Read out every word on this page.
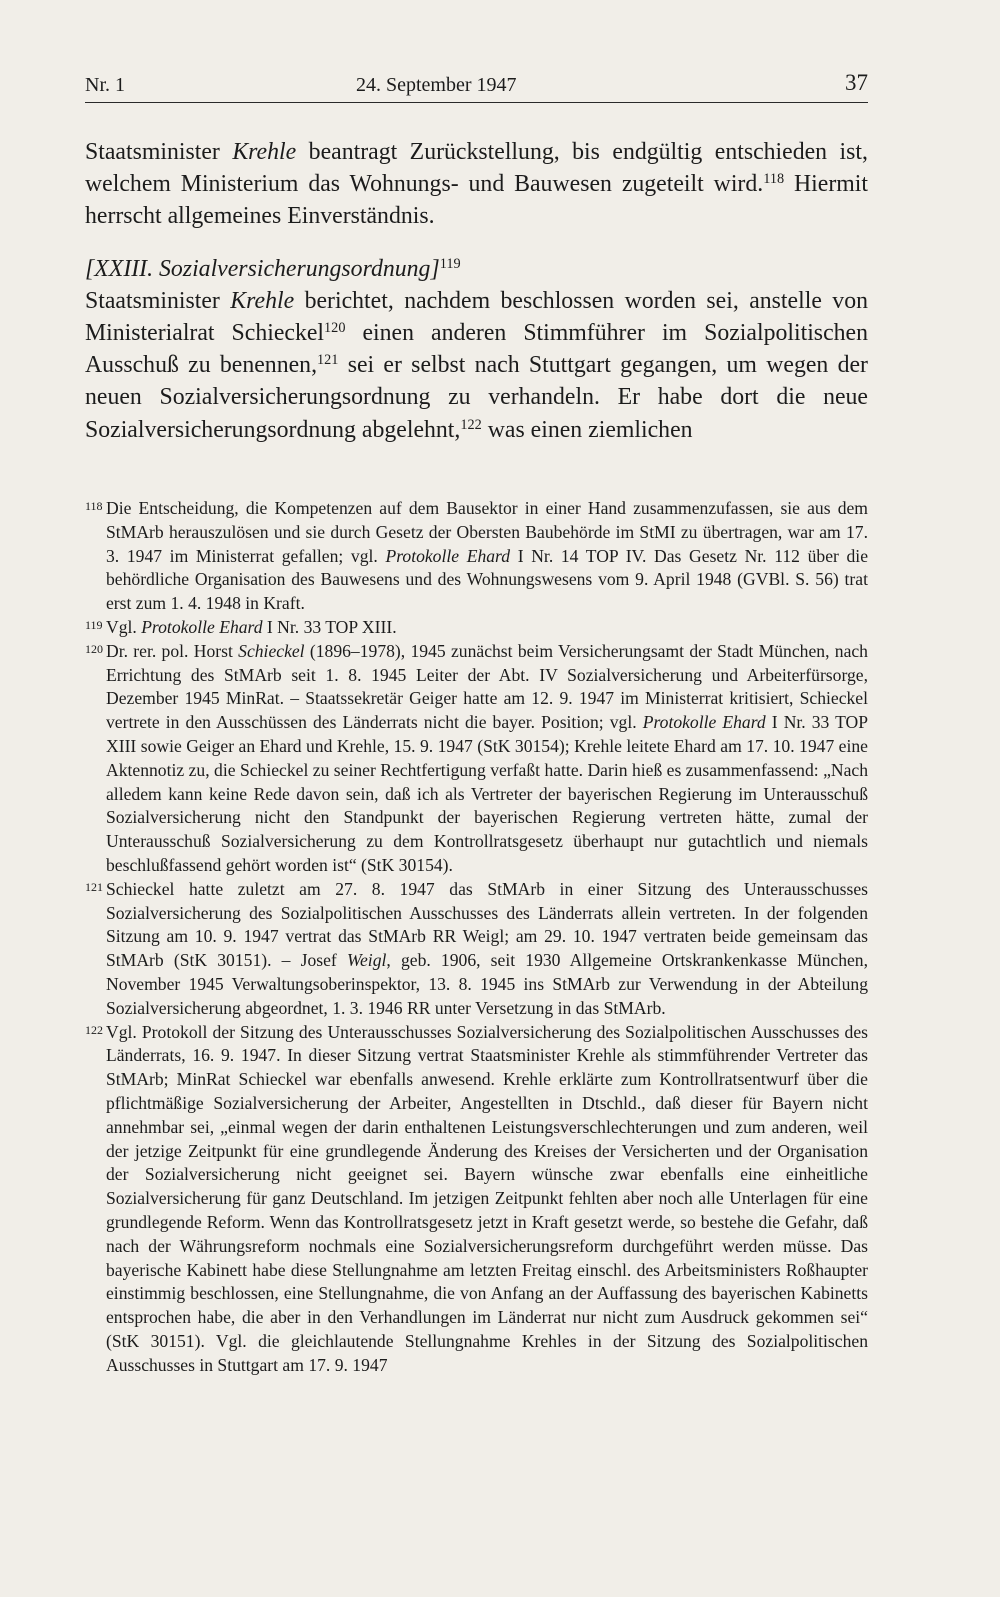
Nr. 1	24. September 1947	37

Staatsminister Krehle beantragt Zurückstellung, bis endgültig entschieden ist, welchem Ministerium das Wohnungs- und Bauwesen zugeteilt wird.$^{118}$ Hiermit herrscht allgemeines Einverständnis.

[XXIII. Sozialversicherungsordnung]$^{119}$

Staatsminister Krehle berichtet, nachdem beschlossen worden sei, anstelle von Ministerialrat Schieckel$^{120}$ einen anderen Stimmführer im Sozialpolitischen Ausschuß zu benennen,$^{121}$ sei er selbst nach Stuttgart gegangen, um wegen der neuen Sozialversicherungsordnung zu verhandeln. Er habe dort die neue Sozialversicherungsordnung abgelehnt,$^{122}$ was einen ziemlichen

118 Die Entscheidung, die Kompetenzen auf dem Bausektor in einer Hand zusammenzufassen, sie aus dem StMArb herauszulösen und sie durch Gesetz der Obersten Baubehörde im StMI zu übertragen, war am 17. 3. 1947 im Ministerrat gefallen; vgl. Protokolle Ehard I Nr. 14 TOP IV. Das Gesetz Nr. 112 über die behördliche Organisation des Bauwesens und des Wohnungswesens vom 9. April 1948 (GVBl. S. 56) trat erst zum 1. 4. 1948 in Kraft.
119 Vgl. Protokolle Ehard I Nr. 33 TOP XIII.
120 Dr. rer. pol. Horst Schieckel (1896–1978), 1945 zunächst beim Versicherungsamt der Stadt München, nach Errichtung des StMArb seit 1. 8. 1945 Leiter der Abt. IV Sozialversicherung und Arbeiterfürsorge, Dezember 1945 MinRat. – Staatssekretär Geiger hatte am 12. 9. 1947 im Ministerrat kritisiert, Schieckel vertrete in den Ausschüssen des Länderrats nicht die bayer. Position; vgl. Protokolle Ehard I Nr. 33 TOP XIII sowie Geiger an Ehard und Krehle, 15. 9. 1947 (StK 30154); Krehle leitete Ehard am 17. 10. 1947 eine Aktennotiz zu, die Schieckel zu seiner Rechtfertigung verfaßt hatte. Darin hieß es zusammenfassend: „Nach alledem kann keine Rede davon sein, daß ich als Vertreter der bayerischen Regierung im Unterausschuß Sozialversicherung nicht den Standpunkt der bayerischen Regierung vertreten hätte, zumal der Unterausschuß Sozialversicherung zu dem Kontrollratsgesetz überhaupt nur gutachtlich und niemals beschlußfassend gehört worden ist“ (StK 30154).
121 Schieckel hatte zuletzt am 27. 8. 1947 das StMArb in einer Sitzung des Unterausschusses Sozialversicherung des Sozialpolitischen Ausschusses des Länderrats allein vertreten. In der folgenden Sitzung am 10. 9. 1947 vertrat das StMArb RR Weigl; am 29. 10. 1947 vertraten beide gemeinsam das StMArb (StK 30151). – Josef Weigl, geb. 1906, seit 1930 Allgemeine Ortskrankenkasse München, November 1945 Verwaltungsoberinspektor, 13. 8. 1945 ins StMArb zur Verwendung in der Abteilung Sozialversicherung abgeordnet, 1. 3. 1946 RR unter Versetzung in das StMArb.
122 Vgl. Protokoll der Sitzung des Unterausschusses Sozialversicherung des Sozialpolitischen Ausschusses des Länderrats, 16. 9. 1947. In dieser Sitzung vertrat Staatsminister Krehle als stimmführender Vertreter das StMArb; MinRat Schieckel war ebenfalls anwesend. Krehle erklärte zum Kontrollratsentwurf über die pflichtmäßige Sozialversicherung der Arbeiter, Angestellten in Dtschld., daß dieser für Bayern nicht annehmbar sei, „einmal wegen der darin enthaltenen Leistungsverschlechterungen und zum anderen, weil der jetzige Zeitpunkt für eine grundlegende Änderung des Kreises der Versicherten und der Organisation der Sozialversicherung nicht geeignet sei. Bayern wünsche zwar ebenfalls eine einheitliche Sozialversicherung für ganz Deutschland. Im jetzigen Zeitpunkt fehlten aber noch alle Unterlagen für eine grundlegende Reform. Wenn das Kontrollratsgesetz jetzt in Kraft gesetzt werde, so bestehe die Gefahr, daß nach der Währungsreform nochmals eine Sozialversicherungsreform durchgeführt werden müsse. Das bayerische Kabinett habe diese Stellungnahme am letzten Freitag einschl. des Arbeitsministers Roßhaupter einstimmig beschlossen, eine Stellungnahme, die von Anfang an der Auffassung des bayerischen Kabinetts entsprochen habe, die aber in den Verhandlungen im Länderrat nur nicht zum Ausdruck gekommen sei“ (StK 30151). Vgl. die gleichlautende Stellungnahme Krehles in der Sitzung des Sozialpolitischen Ausschusses in Stuttgart am 17. 9. 1947
